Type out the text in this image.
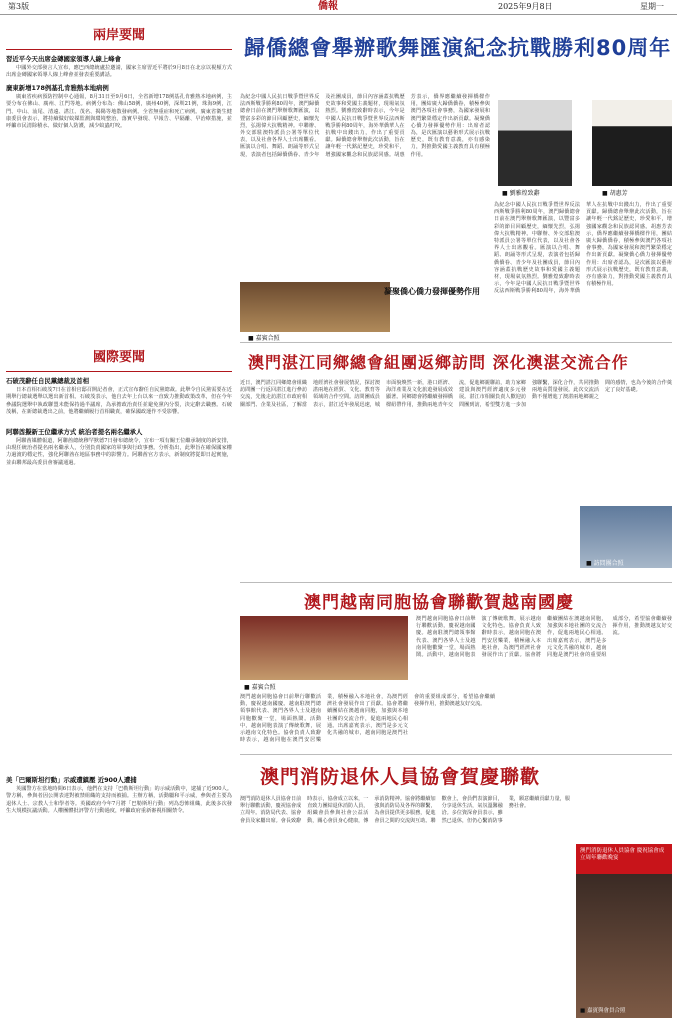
第3版	僑報	2025年9月8日	星期一
兩岸要聞
習近平今天出席金磚國家領導人線上峰會

中國外交部發言人宣布，應巴西總統盧拉邀請，國家主席習近平將於9月8日在北京以視頻方式出席金磚國家領導人線上峰會並發表重要講話。

廣東新增178例基孔肯雅熱本地病例

廣東省疾病預防控制中心通報，8月31日至9月6日，全省新增178例基孔肯雅熱本地病例，主要分布在佛山、廣州、江門等地。病例分布為：佛山58例，廣州40例，深圳21例，珠海9例，江門、中山、汕尾、清遠、湛江、茂名、揭陽等地散發病例。全省無重症和死亡病例。廣東省衛生健康委員會表示，將持續做好蚊媒監測與環境整治，落實早發現、早報告、早隔離、早治療措施，並呼籲市民清除積水、做好個人防護，減少蚊蟲叮咬。

國際要聞
石破茂辭任自民黨總裁及首相

日本首相石破茂7日在首相官邸召開記者會，正式宣布辭任自民黨總裁。此舉令自民黨需要在近期舉行總裁選舉以選出新首相。石破茂表示，他自去年上台以來一直致力推動政策改革，但在今年參議院選舉中執政聯盟未能保持過半議席，為承擔政治責任並避免黨內分裂，決定辭去職務。石破茂稱，在新總裁選出之前，他將繼續履行首相職責，確保國政運作不受影響。

阿聯酋擬新王位繼承方式 統治者提名兩名繼承人

阿聯酋媒體報道，阿聯酋總統穆罕默德7日發布總統令，宣布一項有關王位繼承制度的新安排，由現任統治者提名兩名繼承人，分別負責國家的軍事與行政事務。分析指出，此舉旨在確保國家權力過渡的穩定性，強化阿聯酋在地區事務中的影響力。阿聯酋官方表示，新制度將從即日起實施，並由聯邦最高委員會審議通過。

美「巴爾斯坦行動」示威遭鎮壓 近900人遭捕

英國警方在當地時間6日表示，他們在支持「巴勒斯坦行動」的示威活動中，逮捕了近900人。警方稱，參與者因公開表達對被禁組織的支持而被捕。主辦方稱，活動屬和平示威，參與者主要為退休人士、宗教人士和學者等。英國政府今年7月將「巴勒斯坦行動」列為恐怖組織，此後多次發生大規模抗議活動。人權團體批評警方行動過度，呼籲政府重新審視相關禁令。

歸僑總會舉辦歌舞匯演紀念抗戰勝利80周年
為紀念中國人民抗日戰爭暨世界反法西斯戰爭勝利80周年，澳門歸僑總會日前在澳門舉辦歌舞匯演，以豐富多彩的節目回顧歷史，緬懷先烈，弘揚偉大抗戰精神。中聯辦、外交部駐澳特派員公署等單位代表，以及社會各界人士出席觀看。匯演以合唱、舞蹈、朗誦等形式呈現，表演者包括歸僑僑眷、青少年及社團成員，節目內容涵蓋抗戰歷史故事和愛國主義題材，現場氣氛熱烈。劉雅煌致辭時表示，今年是中國人民抗日戰爭暨世界反法西斯戰爭勝利80周年，海外華僑華人在抗戰中出錢出力，作出了重要貢獻。歸僑總會舉辦此次活動，旨在讓年輕一代銘記歷史，珍愛和平，增強國家觀念和民族認同感。胡惠芳表示，僑界應繼續發揮橋樑作用，團結廣大歸僑僑眷，積極參與澳門各項社會事務，為國家發展和澳門繁榮穩定作出新貢獻。凝聚僑心僑力發揮優勢作用：出席者認為，是次匯演以藝術形式展示抗戰歷史，既有教育意義，亦有感染力，對推動愛國主義教育具有積極作用。
■ 嘉賓合照
■ 劉雅煌致辭
■	胡惠芳
凝聚僑心僑力發揮優勢作用
為紀念中國人民抗日戰爭暨世界反法西斯戰爭勝利80周年，澳門歸僑總會日前在澳門舉辦歌舞匯演，以豐富多彩的節目回顧歷史，緬懷先烈，弘揚偉大抗戰精神。中聯辦、外交部駐澳特派員公署等單位代表，以及社會各界人士出席觀看。匯演以合唱、舞蹈、朗誦等形式呈現，表演者包括歸僑僑眷、青少年及社團成員，節目內容涵蓋抗戰歷史故事和愛國主義題材，現場氣氛熱烈。劉雅煌致辭時表示，今年是中國人民抗日戰爭暨世界反法西斯戰爭勝利80周年，海外華僑華人在抗戰中出錢出力，作出了重要貢獻。歸僑總會舉辦此次活動，旨在讓年輕一代銘記歷史，珍愛和平，增強國家觀念和民族認同感。胡惠芳表示，僑界應繼續發揮橋樑作用，團結廣大歸僑僑眷，積極參與澳門各項社會事務，為國家發展和澳門繁榮穩定作出新貢獻。凝聚僑心僑力發揮優勢作用：出席者認為，是次匯演以藝術形式展示抗戰歷史，既有教育意義，亦有感染力，對推動愛國主義教育具有積極作用。
澳門湛江同鄉總會組團返鄉訪問 深化澳湛交流合作
近日，澳門湛江同鄉總會組織訪問團一行返回湛江進行參訪交流，先後走訪湛江市政府相關部門、企業及社區，了解當地經濟社會發展情況，探討澳湛兩地在經貿、文化、教育等領域的合作空間。訪問團成員表示，湛江近年發展迅速，城市面貌煥然一新，港口經濟、海洋產業及文化旅遊發展成效顯著。同鄉總會將繼續發揮橋樑紐帶作用，推動兩地青年交流，促進鄉親聯誼，助力家鄉建設與澳門經濟適度多元發展。湛江市相關負責人歡迎訪問團到訪，希望雙方進一步加強聯繫，深化合作，共同推動兩地高質量發展。此次交流活動不僅增進了澳湛兩地鄉親之間的感情，也為今後的合作奠定了良好基礎。
■ 訪問團合照
澳門越南同胞協會聯歡賀越南國慶
■ 嘉賓合照
澳門越南同胞協會日前舉行聯歡活動，慶祝越南國慶。越南駐澳門總領事館代表、澳門各界人士及越南同胞歡聚一堂，場面熱鬧。活動中，越南同胞表演了傳統歌舞，展示越南文化特色。協會負責人致辭時表示，越南同胞在澳門安居樂業，積極融入本地社會，為澳門經濟社會發展作出了貢獻。協會將繼續團結在澳越南同胞，加強與本地社團的交流合作，促進兩地民心相通。出席嘉賓表示，澳門是多元文化共融的城市，越南同胞是澳門社會的重要組成部分，希望協會繼續發揮作用，推動澳越友好交流。
澳門越南同胞協會日前舉行聯歡活動，慶祝越南國慶。越南駐澳門總領事館代表、澳門各界人士及越南同胞歡聚一堂，場面熱鬧。活動中，越南同胞表演了傳統歌舞，展示越南文化特色。協會負責人致辭時表示，越南同胞在澳門安居樂業，積極融入本地社會，為澳門經濟社會發展作出了貢獻。協會將繼續團結在澳越南同胞，加強與本地社團的交流合作，促進兩地民心相通。出席嘉賓表示，澳門是多元文化共融的城市，越南同胞是澳門社會的重要組成部分，希望協會繼續發揮作用，推動澳越友好交流。
澳門消防退休人員協會賀慶聯歡
澳門消防退休人員協會日前舉行聯歡活動，慶祝協會成立周年。消防局代表、協會會員及家屬出席。會長致辭時表示，協會成立以來，一直致力團結退休消防人員，組織會員參與社會公益活動，關心會員身心健康，傳承消防精神。協會將繼續加強與消防局及各界的聯繫，為會員提供更多服務，促進會員之間的交流與互助。聯歡會上，會員們表演節目，分享退休生活，氣氛溫馨融洽。多位資深會員表示，雖然已退休，但仍心繫消防事業，願意繼續貢獻力量，服務社會。
澳門消防退休人員協會 慶祝協會成立周年聯歡晚宴
■ 嘉賓與會員合照
